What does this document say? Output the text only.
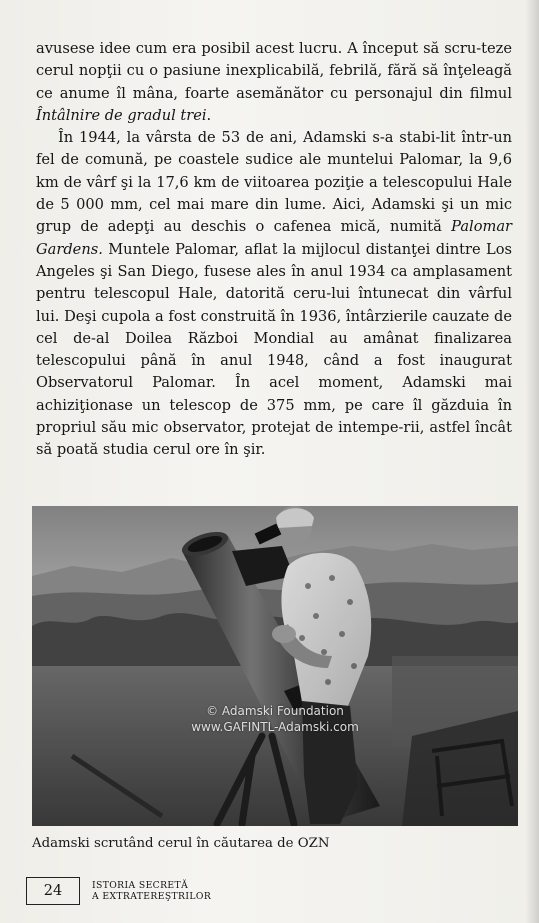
avusese idee cum era posibil acest lucru. A început să scru-teze cerul nopţii cu o pasiune inexplicabilă, febrilă, fără să înţeleagă ce anume îl mâna, foarte asemănător cu personajul din filmul Întâlnire de gradul trei.

În 1944, la vârsta de 53 de ani, Adamski s-a stabi-lit într-un fel de comună, pe coastele sudice ale muntelui Palomar, la 9,6 km de vârf şi la 17,6 km de viitoarea poziţie a telescopului Hale de 5 000 mm, cel mai mare din lume. Aici, Adamski şi un mic grup de adepţi au deschis o cafenea mică, numită Palomar Gardens. Muntele Palomar, aflat la mijlocul distanţei dintre Los Angeles şi San Diego, fusese ales în anul 1934 ca amplasament pentru telescopul Hale, datorită ceru-lui întunecat din vârful lui. Deşi cupola a fost construită în 1936, întârzierile cauzate de cel de-al Doilea Război Mondial au amânat finalizarea telescopului până în anul 1948, când a fost inaugurat Observatorul Palomar. În acel moment, Adamski mai achiziţionase un telescop de 375 mm, pe care îl găzduia în propriul său mic observator, protejat de intempe-rii, astfel încât să poată studia cerul ore în şir.

© Adamski Foundation
www.GAFINTL-Adamski.com
Adamski scrutând cerul în căutarea de OZN
24	ISTORIA SECRETĂ
A EXTRATEREŞTRILOR
